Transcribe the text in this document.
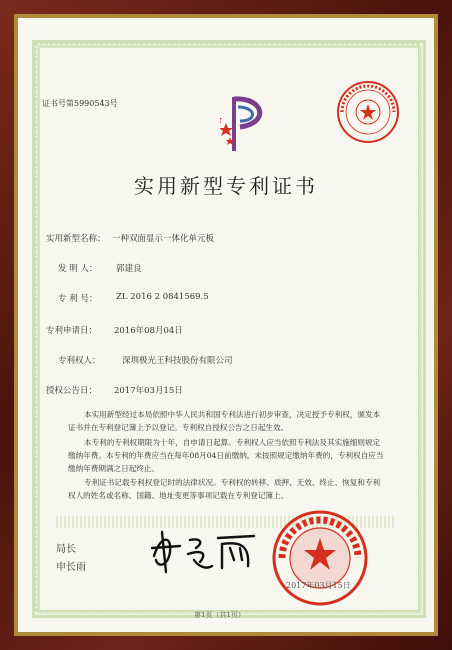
证书号第5990543号
实用新型专利证书
实用新型名称： 一种双面显示一体化单元板
发 明 人： 郭建良
专 利 号： ZL 2016 2 0841569.5
专利申请日： 2016年08月04日
专利权人：	深圳极光王科技股份有限公司
授权公告日： 2017年03月15日
本实用新型经过本局依照中华人民共和国专利法进行初步审查，决定授予专利权，颁发本证书并在专利登记簿上予以登记。专利权自授权公告之日起生效。
本专利的专利权期限为十年，自申请日起算。专利权人应当依照专利法及其实施细则规定缴纳年费。本专利的年费应当在每年08月04日前缴纳。未按照规定缴纳年费的，专利权自应当缴纳年费期满之日起终止。
专利证书记载专利权登记时的法律状况。专利权的转移、质押、无效、终止、恢复和专利权人的姓名或名称、国籍、地址变更等事项记载在专利登记簿上。
局长
申长雨
2017年03月15日
第1页（共1页）
